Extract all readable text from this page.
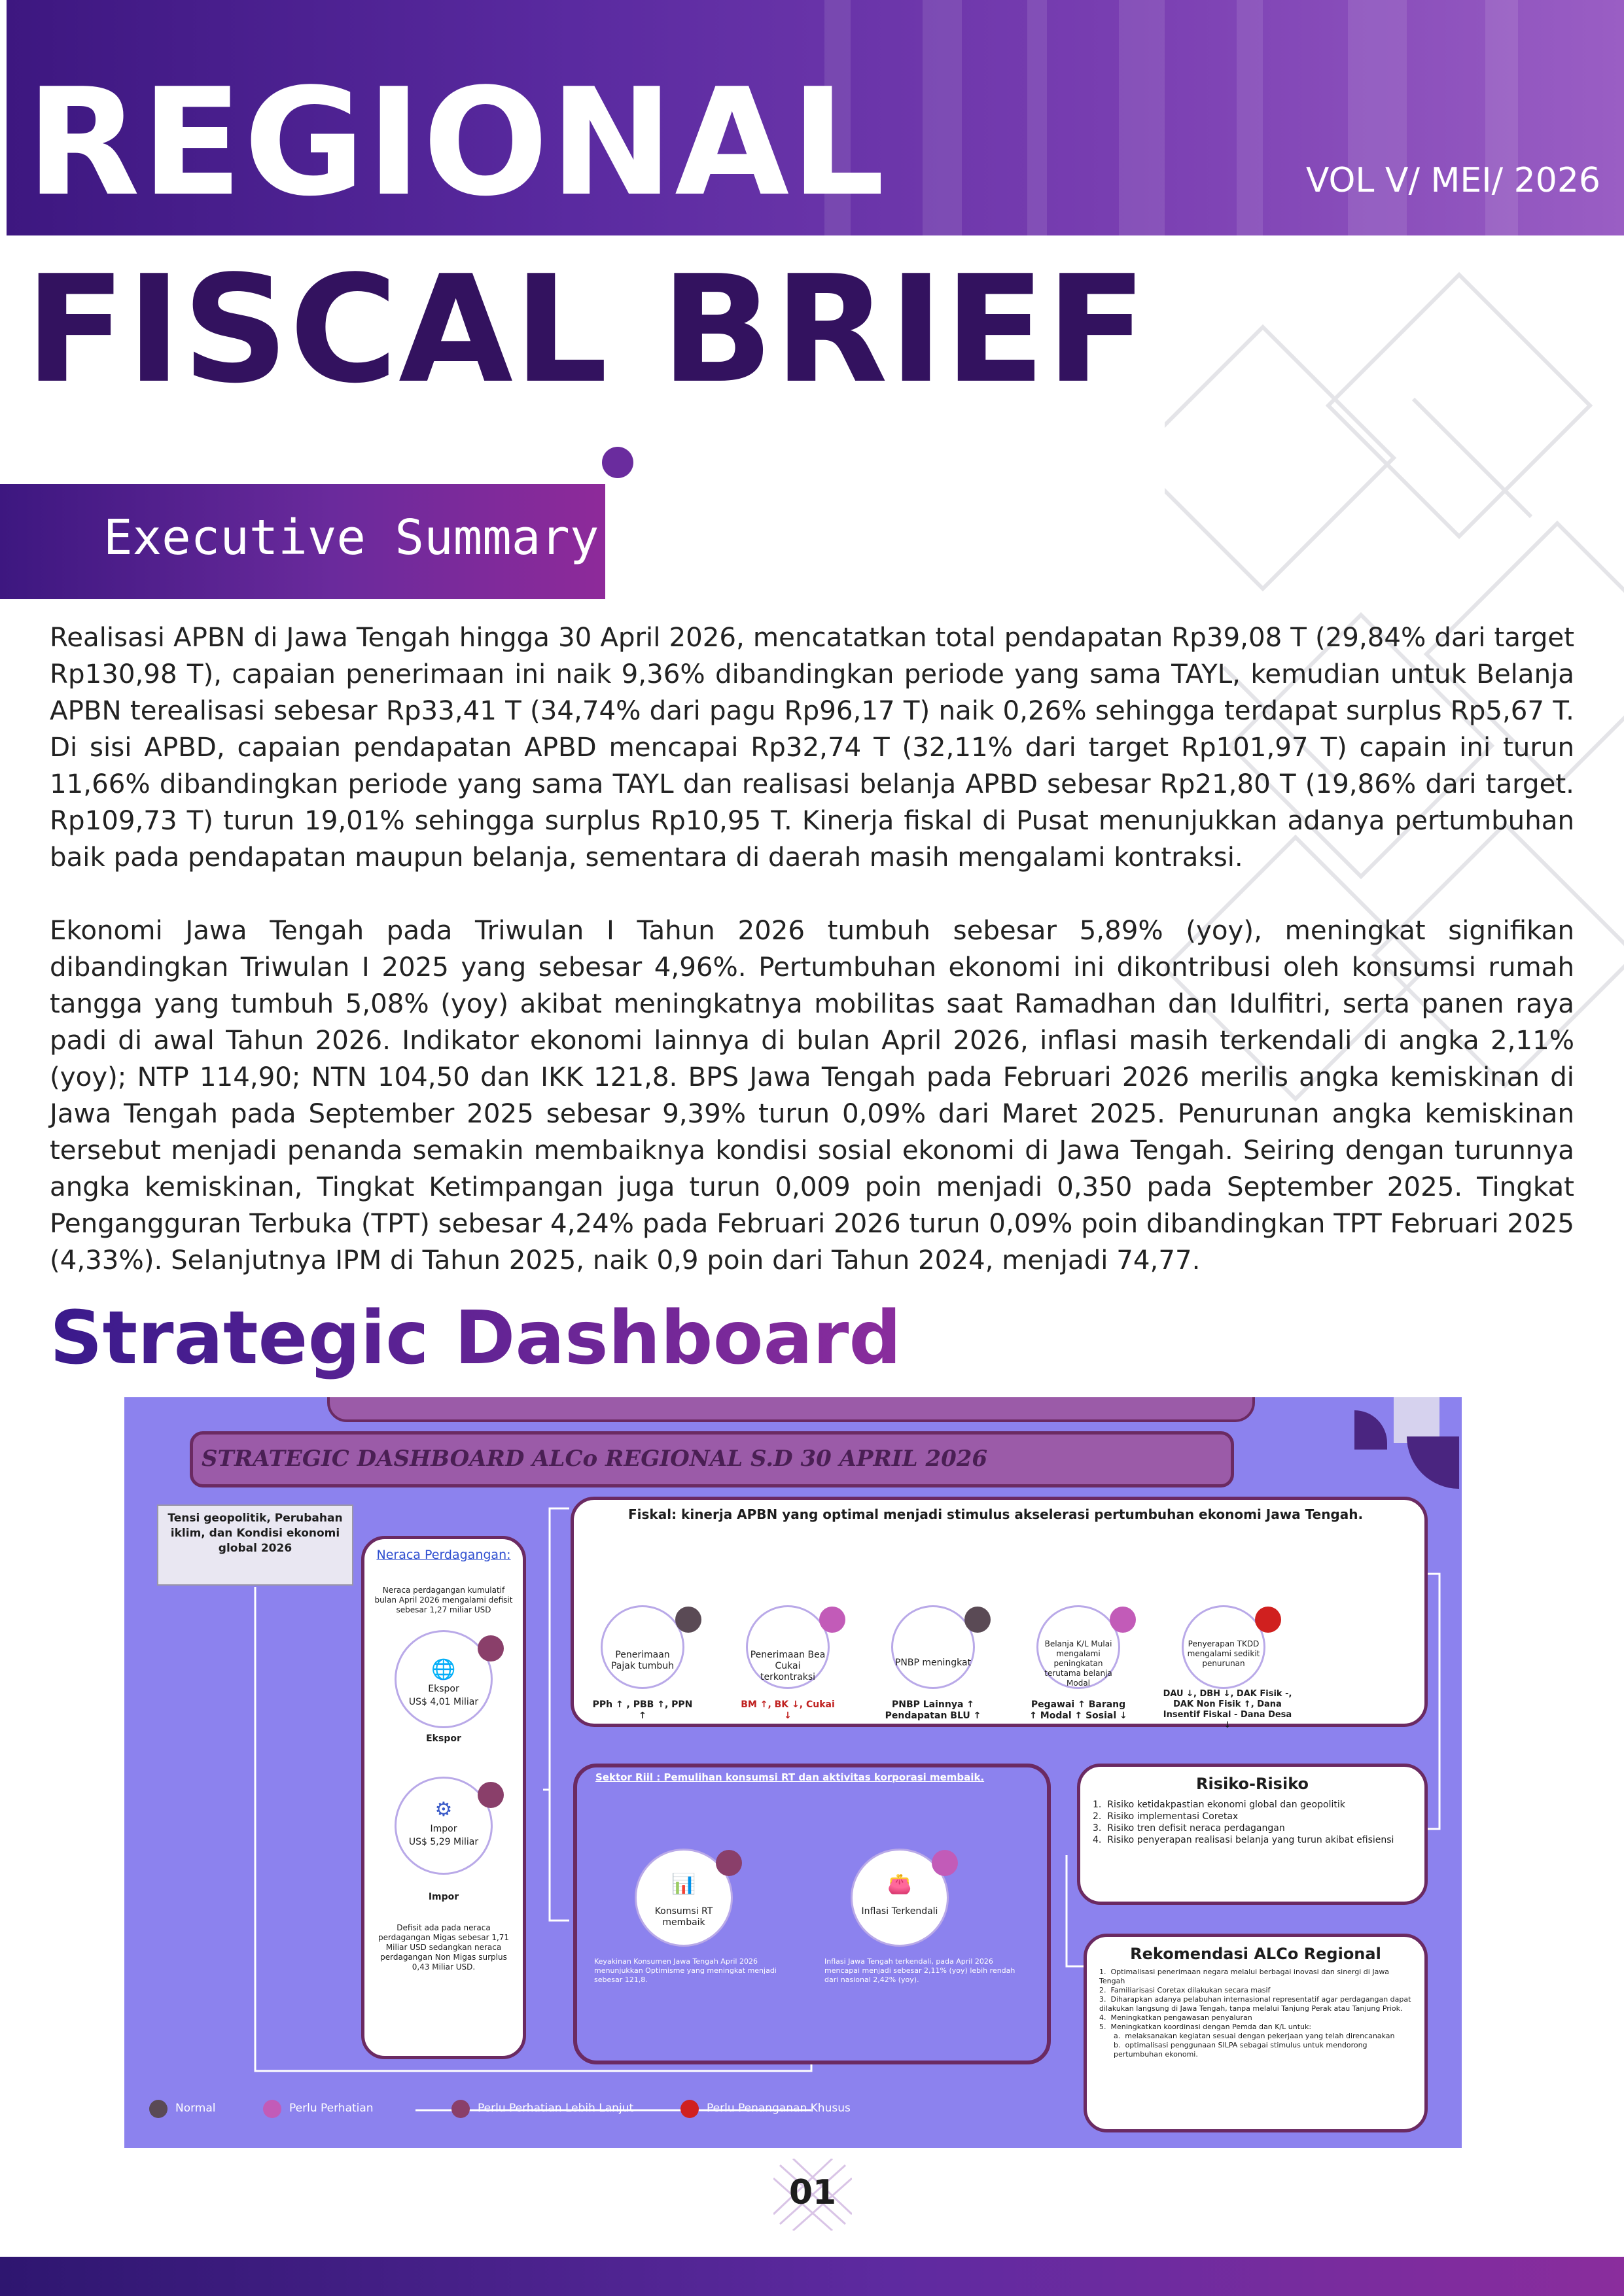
REGIONAL	VOL V/ MEI/ 2026
FISCAL BRIEF
Executive Summary
Realisasi APBN di Jawa Tengah hingga 30 April 2026, mencatatkan total pendapatan Rp39,08 T (29,84% dari target Rp130,98 T), capaian penerimaan ini naik 9,36% dibandingkan periode yang sama TAYL, kemudian untuk Belanja APBN terealisasi sebesar Rp33,41 T (34,74% dari pagu Rp96,17 T) naik 0,26% sehingga terdapat surplus Rp5,67 T. Di sisi APBD, capaian pendapatan APBD mencapai Rp32,74 T (32,11% dari target Rp101,97 T) capain ini turun 11,66% dibandingkan periode yang sama TAYL dan realisasi belanja APBD sebesar Rp21,80 T (19,86% dari target. Rp109,73 T) turun 19,01% sehingga surplus Rp10,95 T. Kinerja fiskal di Pusat menunjukkan adanya pertumbuhan baik pada pendapatan maupun belanja, sementara di daerah masih mengalami kontraksi.
Ekonomi Jawa Tengah pada Triwulan I Tahun 2026 tumbuh sebesar 5,89% (yoy), meningkat signifikan dibandingkan Triwulan I 2025 yang sebesar 4,96%. Pertumbuhan ekonomi ini dikontribusi oleh konsumsi rumah tangga yang tumbuh 5,08% (yoy) akibat meningkatnya mobilitas saat Ramadhan dan Idulfitri, serta panen raya padi di awal Tahun 2026. Indikator ekonomi lainnya di bulan April 2026, inflasi masih terkendali di angka 2,11% (yoy); NTP 114,90; NTN 104,50 dan IKK 121,8. BPS Jawa Tengah pada Februari 2026 merilis angka kemiskinan di Jawa Tengah pada September 2025 sebesar 9,39% turun 0,09% dari Maret 2025. Penurunan angka kemiskinan tersebut menjadi penanda semakin membaiknya kondisi sosial ekonomi di Jawa Tengah. Seiring dengan turunnya angka kemiskinan, Tingkat Ketimpangan juga turun 0,009 poin menjadi 0,350 pada September 2025. Tingkat Pengangguran Terbuka (TPT) sebesar 4,24% pada Februari 2026 turun 0,09% poin dibandingkan TPT Februari 2025 (4,33%). Selanjutnya IPM di Tahun 2025, naik 0,9 poin dari Tahun 2024, menjadi 74,77.
Strategic Dashboard
STRATEGIC DASHBOARD ALCo REGIONAL S.D 30 APRIL 2026
Tensi geopolitik, Perubahan iklim, dan Kondisi ekonomi global 2026	Neraca Perdagangan:
Neraca perdagangan kumulatif bulan April 2026 mengalami defisit sebesar 1,27 miliar USD
🌐
Ekspor
US$ 4,01 Miliar
Ekspor
⚙
Impor
US$ 5,29 Miliar
Impor
Defisit ada pada neraca perdagangan Migas sebesar 1,71 Miliar USD sedangkan neraca perdagangan Non Migas surplus 0,43 Miliar USD.
Fiskal: kinerja APBN yang optimal menjadi stimulus akselerasi pertumbuhan ekonomi Jawa Tengah.
Penerimaan Pajak tumbuh
PPh ↑ , PBB ↑, PPN ↑
Penerimaan Bea Cukai terkontraksi
BM ↑, BK ↓, Cukai ↓
PNBP meningkat
PNBP Lainnya ↑ Pendapatan BLU ↑
Belanja K/L Mulai mengalami peningkatan terutama belanja Modal
Pegawai ↑ Barang ↑ Modal ↑ Sosial ↓
Penyerapan TKDD mengalami sedikit penurunan
DAU ↓, DBH ↓, DAK Fisik -, DAK Non Fisik ↑, Dana Insentif Fiskal - Dana Desa ↓
Sektor Riil : Pemulihan konsumsi RT dan aktivitas korporasi membaik.
📊
Konsumsi RT membaik
Keyakinan Konsumen Jawa Tengah April 2026 menunjukkan Optimisme yang meningkat menjadi sebesar 121,8.
👛
Inflasi Terkendali
Inflasi Jawa Tengah terkendali, pada April 2026 mencapai menjadi sebesar 2,11% (yoy) lebih rendah dari nasional 2,42% (yoy).
Risiko-Risiko
1.  Risiko ketidakpastian ekonomi global dan geopolitik
2.  Risiko implementasi Coretax
3.  Risiko tren defisit neraca perdagangan
4.  Risiko penyerapan realisasi belanja yang turun akibat efisiensi
Rekomendasi ALCo Regional
1.  Optimalisasi penerimaan negara melalui berbagai inovasi dan sinergi di Jawa Tengah
2.  Familiarisasi Coretax dilakukan secara masif
3.  Diharapkan adanya pelabuhan internasional representatif agar perdagangan dapat dilakukan langsung di Jawa Tengah, tanpa melalui Tanjung Perak atau Tanjung Priok.
4.  Meningkatkan pengawasan penyaluran
5.  Meningkatkan koordinasi dengan Pemda dan K/L untuk:
a.  melaksanakan kegiatan sesuai dengan pekerjaan yang telah direncanakan
b.  optimalisasi penggunaan SILPA sebagai stimulus untuk mendorong pertumbuhan ekonomi.
Normal	Perlu Perhatian	Perlu Perhatian Lebih Lanjut	Perlu Penanganan Khusus
01
